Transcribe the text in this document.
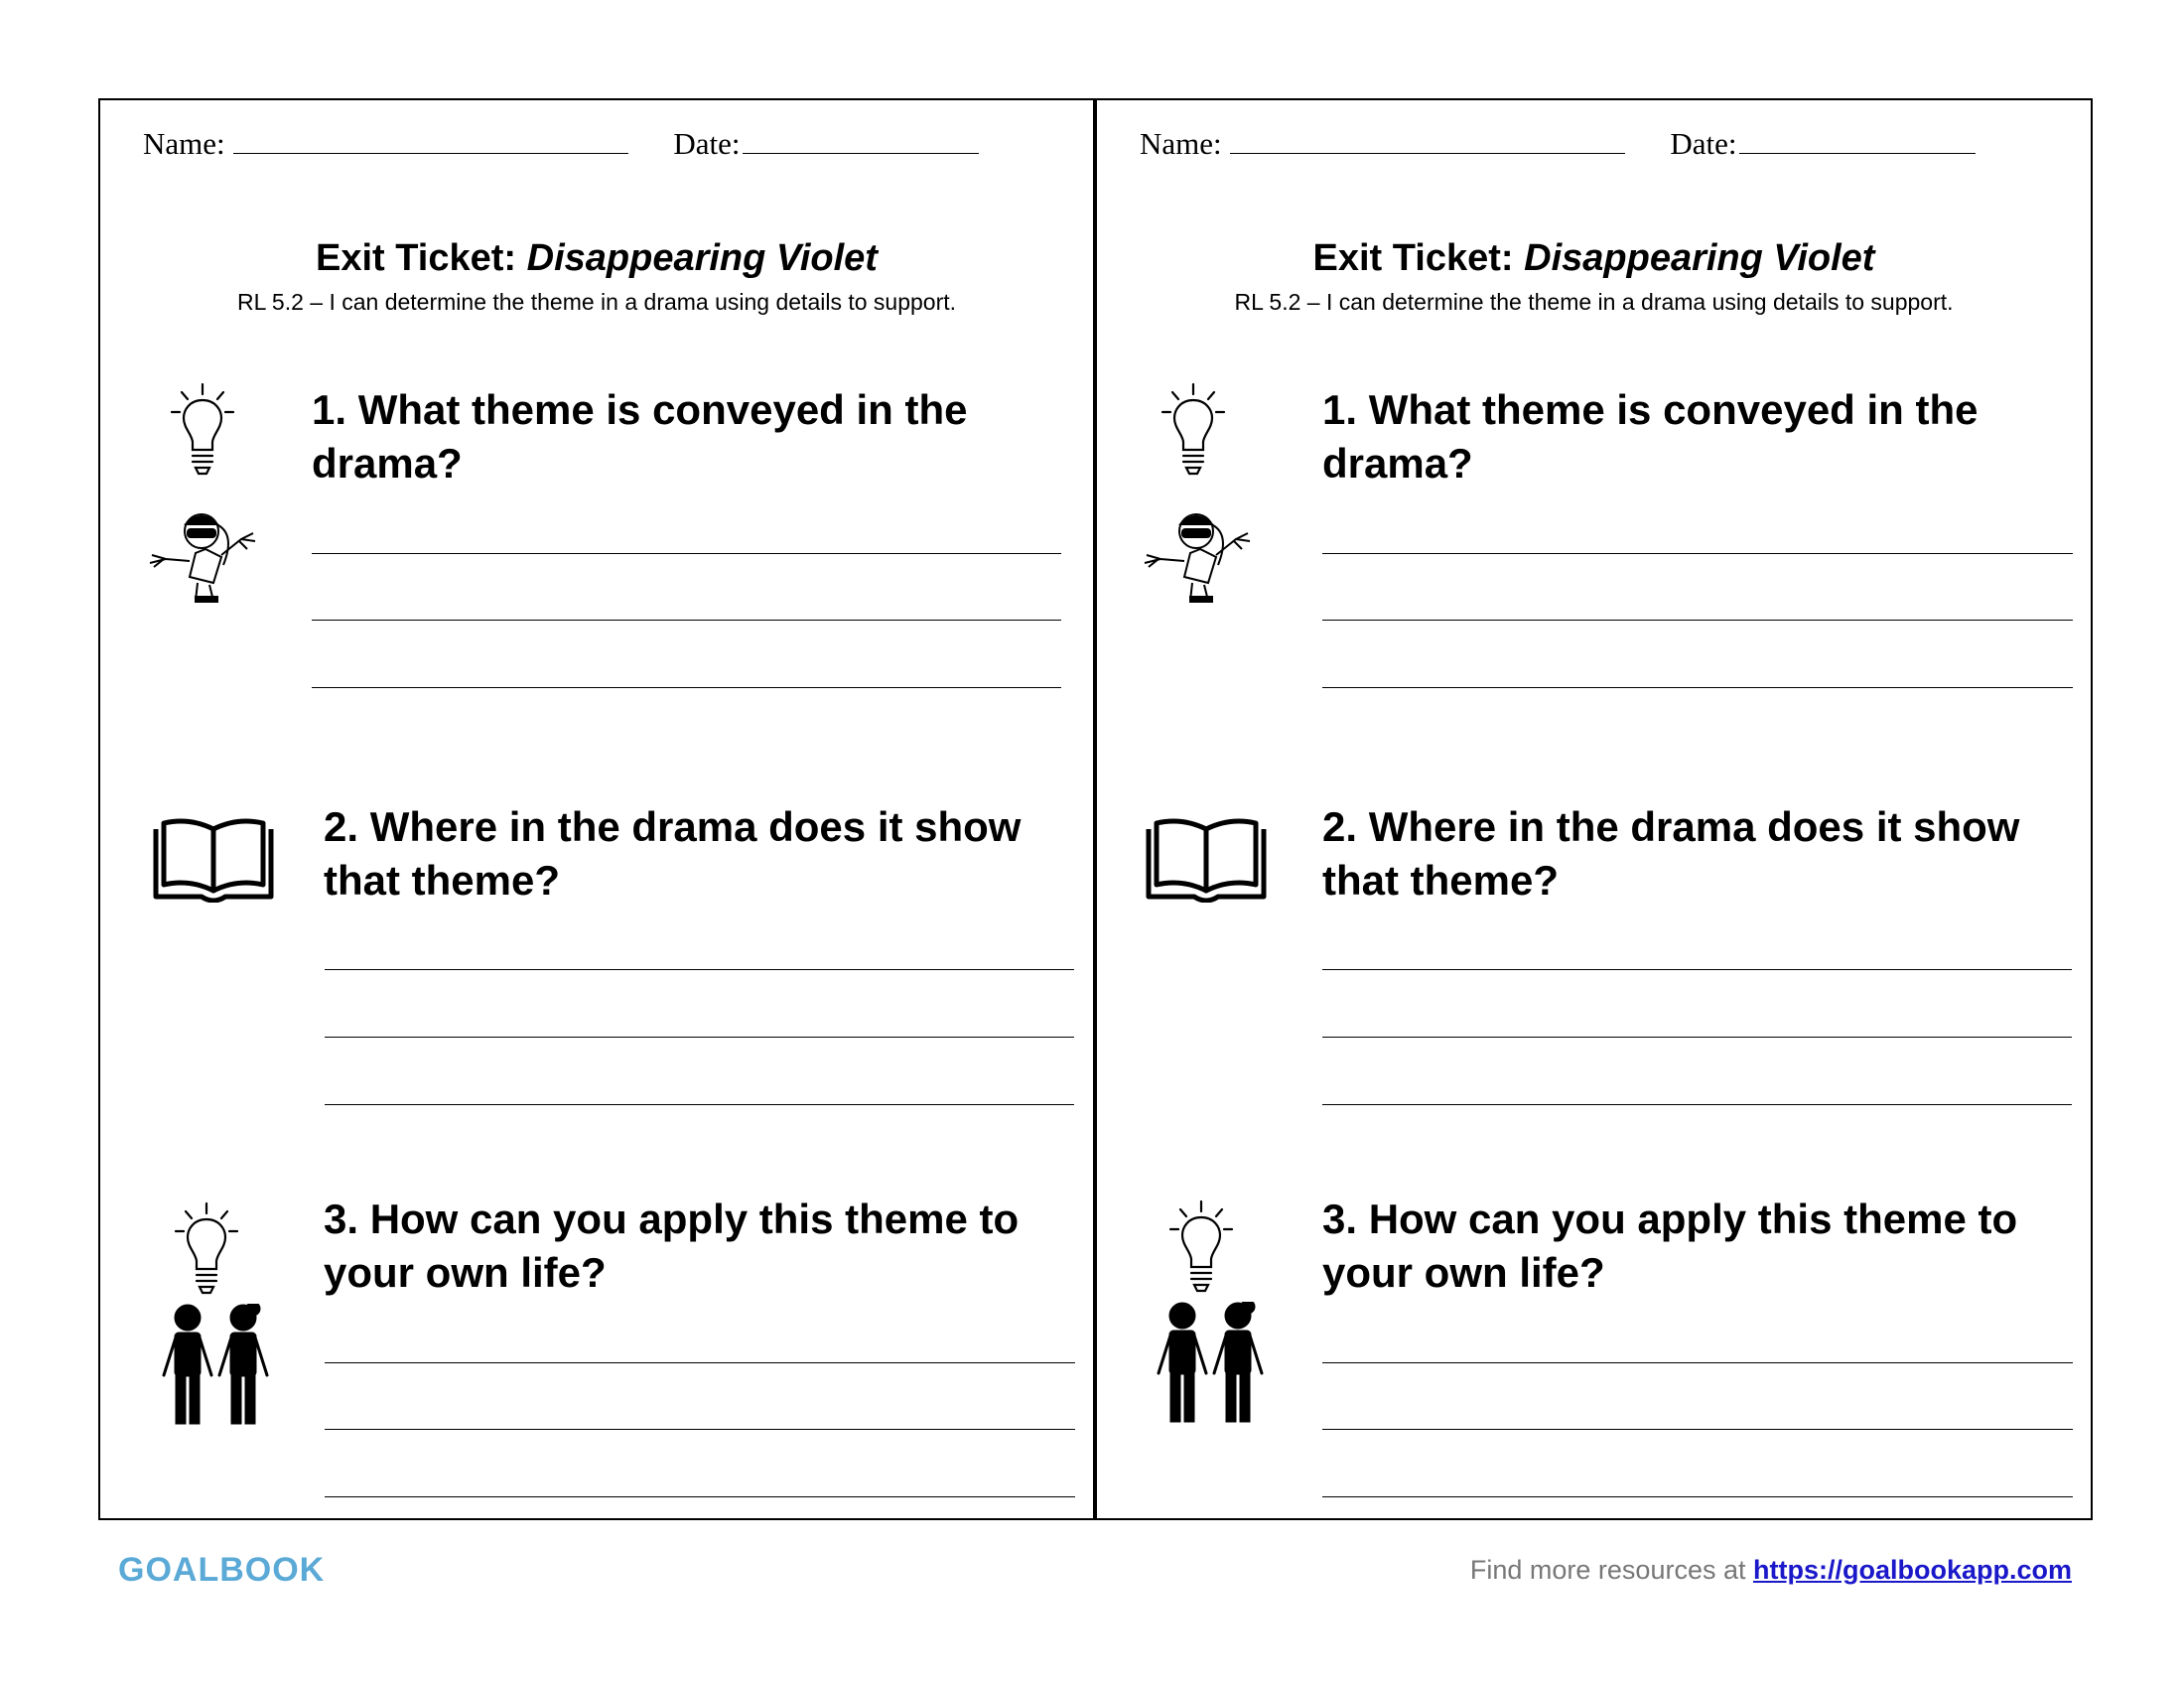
Name:	Date:
Exit Ticket: Disappearing Violet
RL 5.2 – I can determine the theme in a drama using details to support.
1. What theme is conveyed in the drama?
2. Where in the drama does it show that theme?
3. How can you apply this theme to your own life?
Name:	Date:
Exit Ticket: Disappearing Violet
RL 5.2 – I can determine the theme in a drama using details to support.
1. What theme is conveyed in the drama?
2. Where in the drama does it show that theme?
3. How can you apply this theme to your own life?
GOALBOOK	Find more resources at https://goalbookapp.com
